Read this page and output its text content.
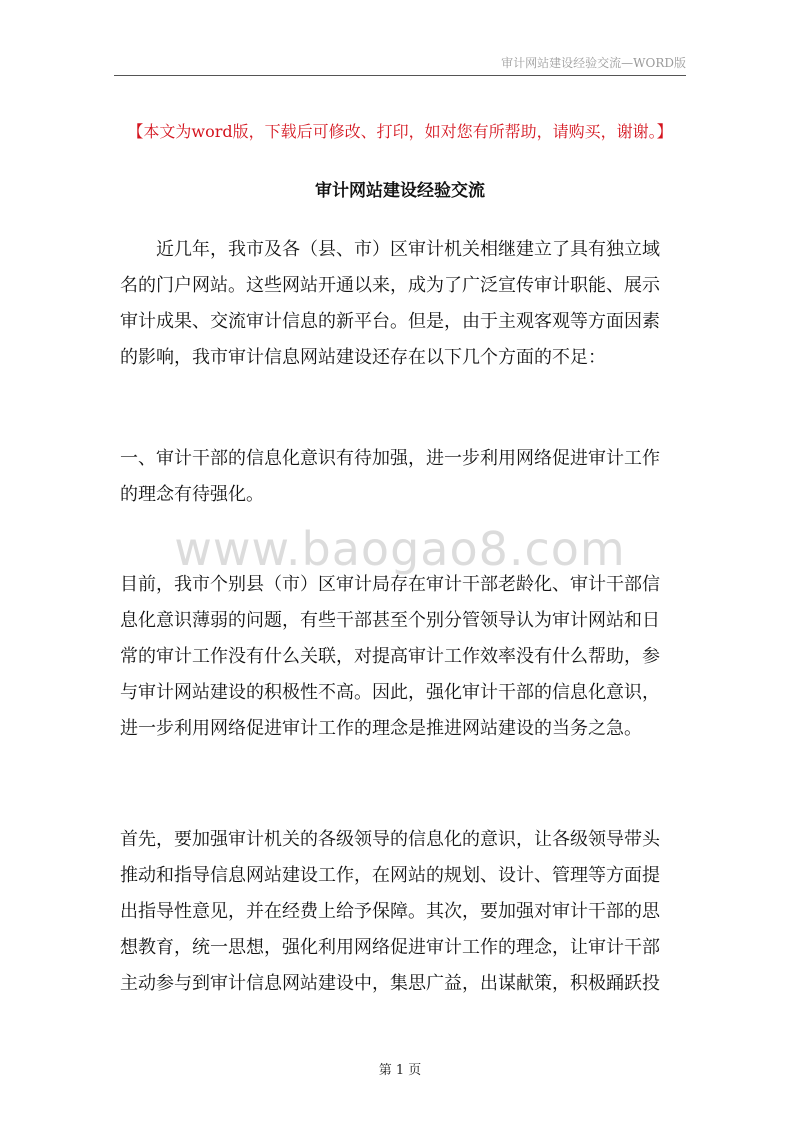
审计网站建设经验交流—WORD版
【本文为word版，下载后可修改、打印，如对您有所帮助，请购买，谢谢。】
审计网站建设经验交流

近几年，我市及各（县、市）区审计机关相继建立了具有独立域
名的门户网站。这些网站开通以来，成为了广泛宣传审计职能、展示
审计成果、交流审计信息的新平台。但是，由于主观客观等方面因素
的影响，我市审计信息网站建设还存在以下几个方面的不足：

一、审计干部的信息化意识有待加强，进一步利用网络促进审计工作
的理念有待强化。

www.baogao8.com

目前，我市个别县（市）区审计局存在审计干部老龄化、审计干部信
息化意识薄弱的问题，有些干部甚至个别分管领导认为审计网站和日
常的审计工作没有什么关联，对提高审计工作效率没有什么帮助，参
与审计网站建设的积极性不高。因此，强化审计干部的信息化意识，
进一步利用网络促进审计工作的理念是推进网站建设的当务之急。

首先，要加强审计机关的各级领导的信息化的意识，让各级领导带头
推动和指导信息网站建设工作，在网站的规划、设计、管理等方面提
出指导性意见，并在经费上给予保障。其次，要加强对审计干部的思
想教育，统一思想，强化利用网络促进审计工作的理念，让审计干部
主动参与到审计信息网站建设中，集思广益，出谋献策，积极踊跃投

第 1 页
